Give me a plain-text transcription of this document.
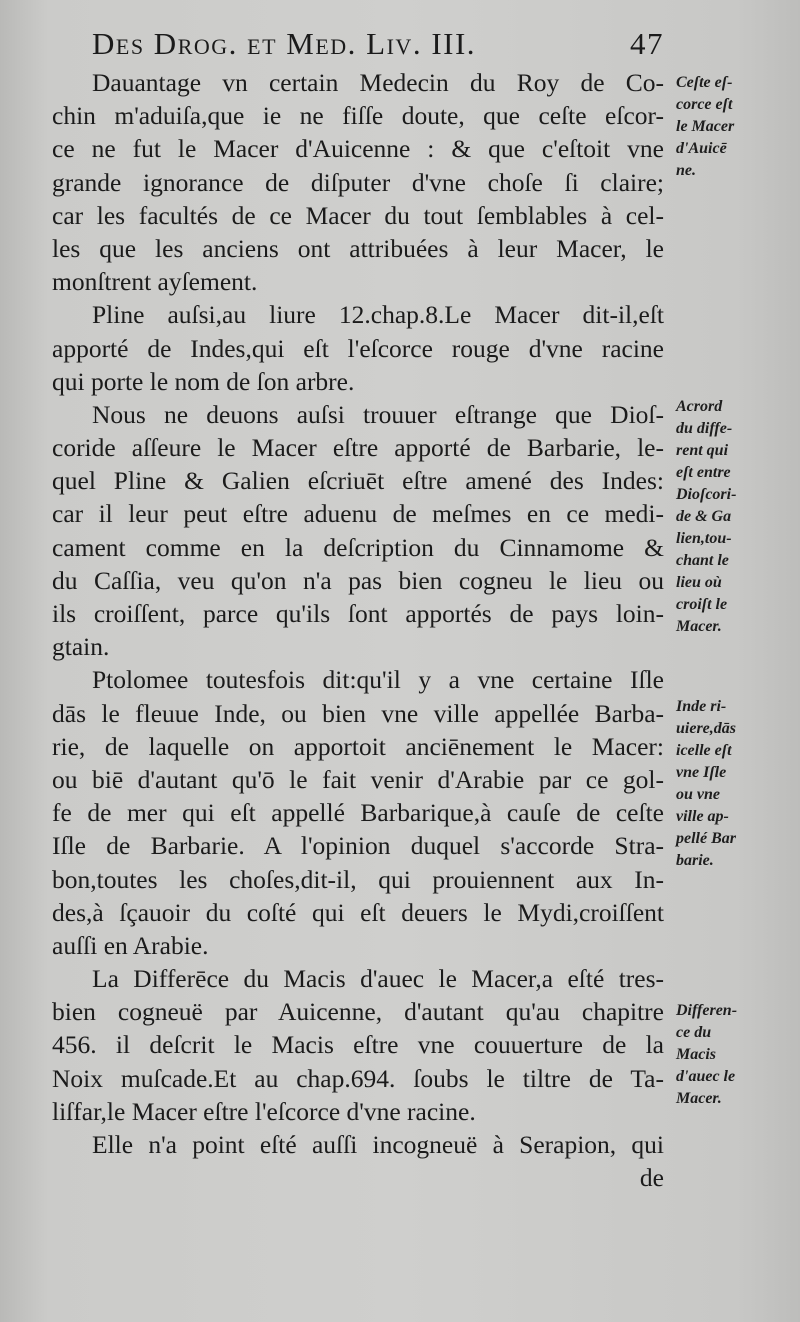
Des Drog. et Med. Liv. III.	47
Dauantage vn certain Medecin du Roy de Co-
chin m'aduiſa,que ie ne fiſſe doute, que ceſte eſcor-
ce ne fut le Macer d'Auicenne : & que c'eſtoit vne
grande ignorance de diſputer d'vne choſe ſi claire;
car les facultés de ce Macer du tout ſemblables à cel-
les que les anciens ont attribuées à leur Macer, le
monſtrent ayſement.
Pline auſsi,au liure 12.chap.8.Le Macer dit-il,eſt
apporté de Indes,qui eſt l'eſcorce rouge d'vne racine
qui porte le nom de ſon arbre.
Nous ne deuons auſsi trouuer eſtrange que Dioſ-
coride aſſeure le Macer eſtre apporté de Barbarie, le-
quel Pline & Galien eſcriuēt eſtre amené des Indes:
car il leur peut eſtre aduenu de meſmes en ce medi-
cament comme en la deſcription du Cinnamome &
du Caſſia, veu qu'on n'a pas bien cogneu le lieu ou
ils croiſſent, parce qu'ils ſont apportés de pays loin-
gtain.
Ptolomee toutesfois dit:qu'il y a vne certaine Iſle
dās le fleuue Inde, ou bien vne ville appellée Barba-
rie, de laquelle on apportoit anciēnement le Macer:
ou biē d'autant qu'ō le fait venir d'Arabie par ce gol-
fe de mer qui eſt appellé Barbarique,à cauſe de ceſte
Iſle de Barbarie. A l'opinion duquel s'accorde Stra-
bon,toutes les choſes,dit-il, qui prouiennent aux In-
des,à ſçauoir du coſté qui eſt deuers le Mydi,croiſſent
auſſi en Arabie.
La Differēce du Macis d'auec le Macer,a eſté tres-
bien cogneuë par Auicenne, d'autant qu'au chapitre
456. il deſcrit le Macis eſtre vne couuerture de la
Noix muſcade.Et au chap.694. ſoubs le tiltre de Ta-
liſfar,le Macer eſtre l'eſcorce d'vne racine.
Elle n'a point eſté auſſi incogneuë à Serapion, qui
de
Ceſte eſ-
corce eſt
le Macer
d'Auicē
ne.
Acrord
du diffe-
rent qui
eſt entre
Dioſcori-
de & Ga
lien,tou-
chant le
lieu où
croiſt le
Macer.
Inde ri-
uiere,dās
icelle eſt
vne Iſle
ou vne
ville ap-
pellé Bar
barie.
Differen-
ce du
Macis
d'auec le
Macer.
